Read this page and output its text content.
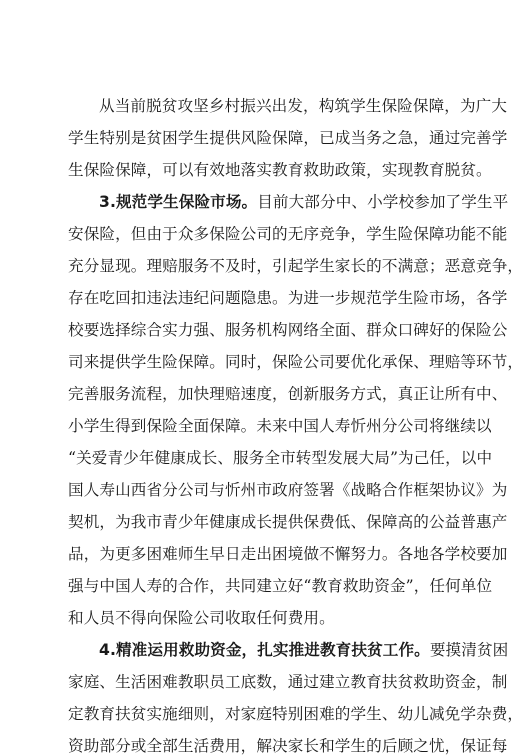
从当前脱贫攻坚乡村振兴出发，构筑学生保险保障，为广大
学生特别是贫困学生提供风险保障，已成当务之急，通过完善学
生保险保障，可以有效地落实教育救助政策，实现教育脱贫。
3.规范学生保险市场。目前大部分中、小学校参加了学生平
安保险，但由于众多保险公司的无序竞争，学生险保障功能不能
充分显现。理赔服务不及时，引起学生家长的不满意；恶意竞争，
存在吃回扣违法违纪问题隐患。为进一步规范学生险市场，各学
校要选择综合实力强、服务机构网络全面、群众口碑好的保险公
司来提供学生险保障。同时，保险公司要优化承保、理赔等环节，
完善服务流程，加快理赔速度，创新服务方式，真正让所有中、
小学生得到保险全面保障。未来中国人寿忻州分公司将继续以
“关爱青少年健康成长、服务全市转型发展大局”为己任，以中
国人寿山西省分公司与忻州市政府签署《战略合作框架协议》为
契机，为我市青少年健康成长提供保费低、保障高的公益普惠产
品，为更多困难师生早日走出困境做不懈努力。各地各学校要加
强与中国人寿的合作，共同建立好“教育救助资金”，任何单位
和人员不得向保险公司收取任何费用。
4.精准运用救助资金，扎实推进教育扶贫工作。要摸清贫困
家庭、生活困难教职员工底数，通过建立教育扶贫救助资金，制
定教育扶贫实施细则，对家庭特别困难的学生、幼儿减免学杂费，
资助部分或全部生活费用，解决家长和学生的后顾之忧，保证每
